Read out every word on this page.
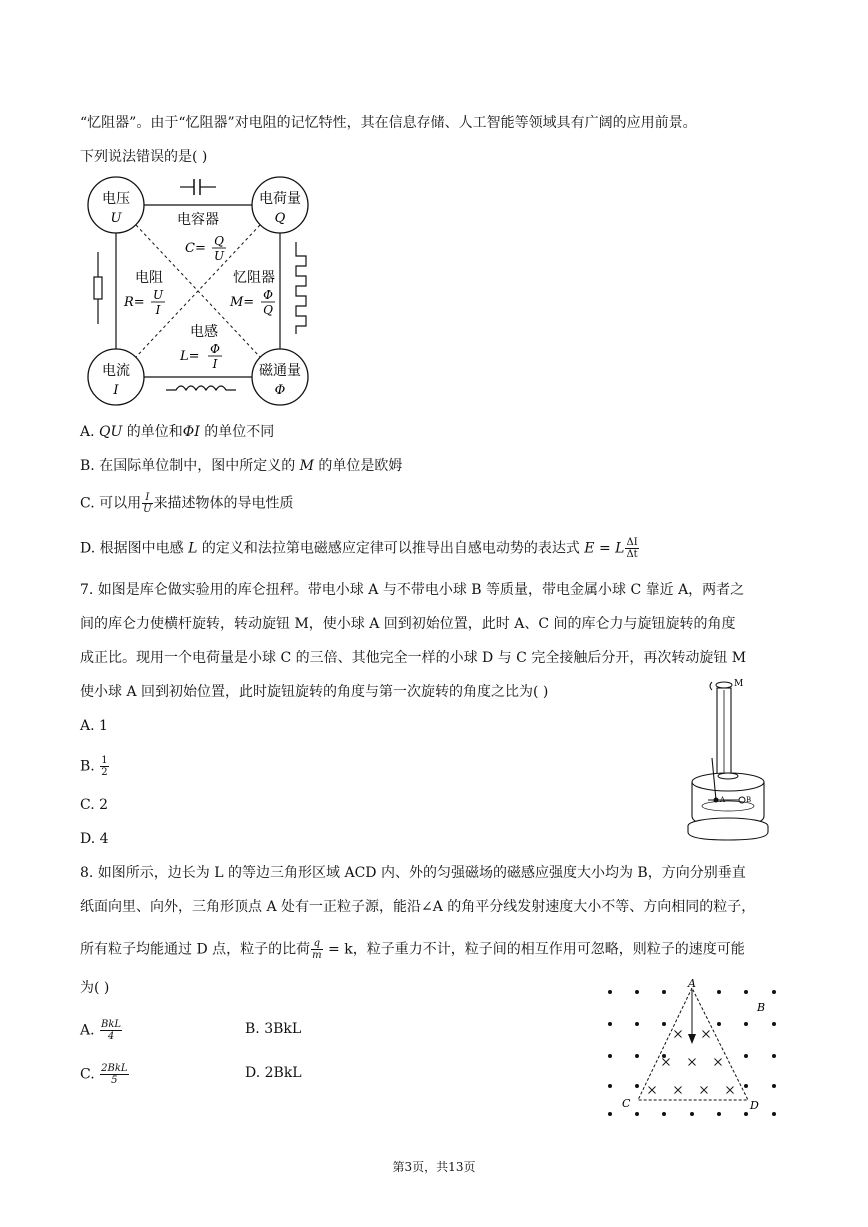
“忆阻器”。由于“忆阻器”对电阻的记忆特性，其在信息存储、人工智能等领域具有广阔的应用前景。
下列说法错误的是( )
电压
U
电荷量
Q
电流
I
磁通量
Φ
电容器
C= Q
U
电阻
R= U
I
忆阻器
M= Φ
Q
电感
L= Φ
I
A. QU 的单位和ΦI 的单位不同
B. 在国际单位制中，图中所定义的 M 的单位是欧姆
C. 可以用 $\frac{I}{U}$ 来描述物体的导电性质
D. 根据图中电感 L 的定义和法拉第电磁感应定律可以推导出自感电动势的表达式 E = L $\frac{\Delta I}{\Delta t}$
7. 如图是库仑做实验用的库仑扭秤。带电小球 A 与不带电小球 B 等质量，带电金属小球 C 靠近 A，两者之
间的库仑力使横杆旋转，转动旋钮 M，使小球 A 回到初始位置，此时 A、C 间的库仑力与旋钮旋转的角度
成正比。现用一个电荷量是小球 C 的三倍、其他完全一样的小球 D 与 C 完全接触后分开，再次转动旋钮 M
使小球 A 回到初始位置，此时旋钮旋转的角度与第一次旋转的角度之比为( )
A. 1
B. $\frac{1}{2}$
C. 2
D. 4
M
A	B
8. 如图所示，边长为 L 的等边三角形区域 ACD 内、外的匀强磁场的磁感应强度大小均为 B，方向分别垂直
纸面向里、向外，三角形顶点 A 处有一正粒子源，能沿∠A 的角平分线发射速度大小不等、方向相同的粒子，
所有粒子均能通过 D 点，粒子的比荷 $\frac{q}{m} = k$，粒子重力不计，粒子间的相互作用可忽略，则粒子的速度可能
为( )
A. $\frac{\text{BkL}}{4}$	B. 3BkL
C. $\frac{\text{2BkL}}{5}$	D. 2BkL
A
B
C	D
第3页，共13页
